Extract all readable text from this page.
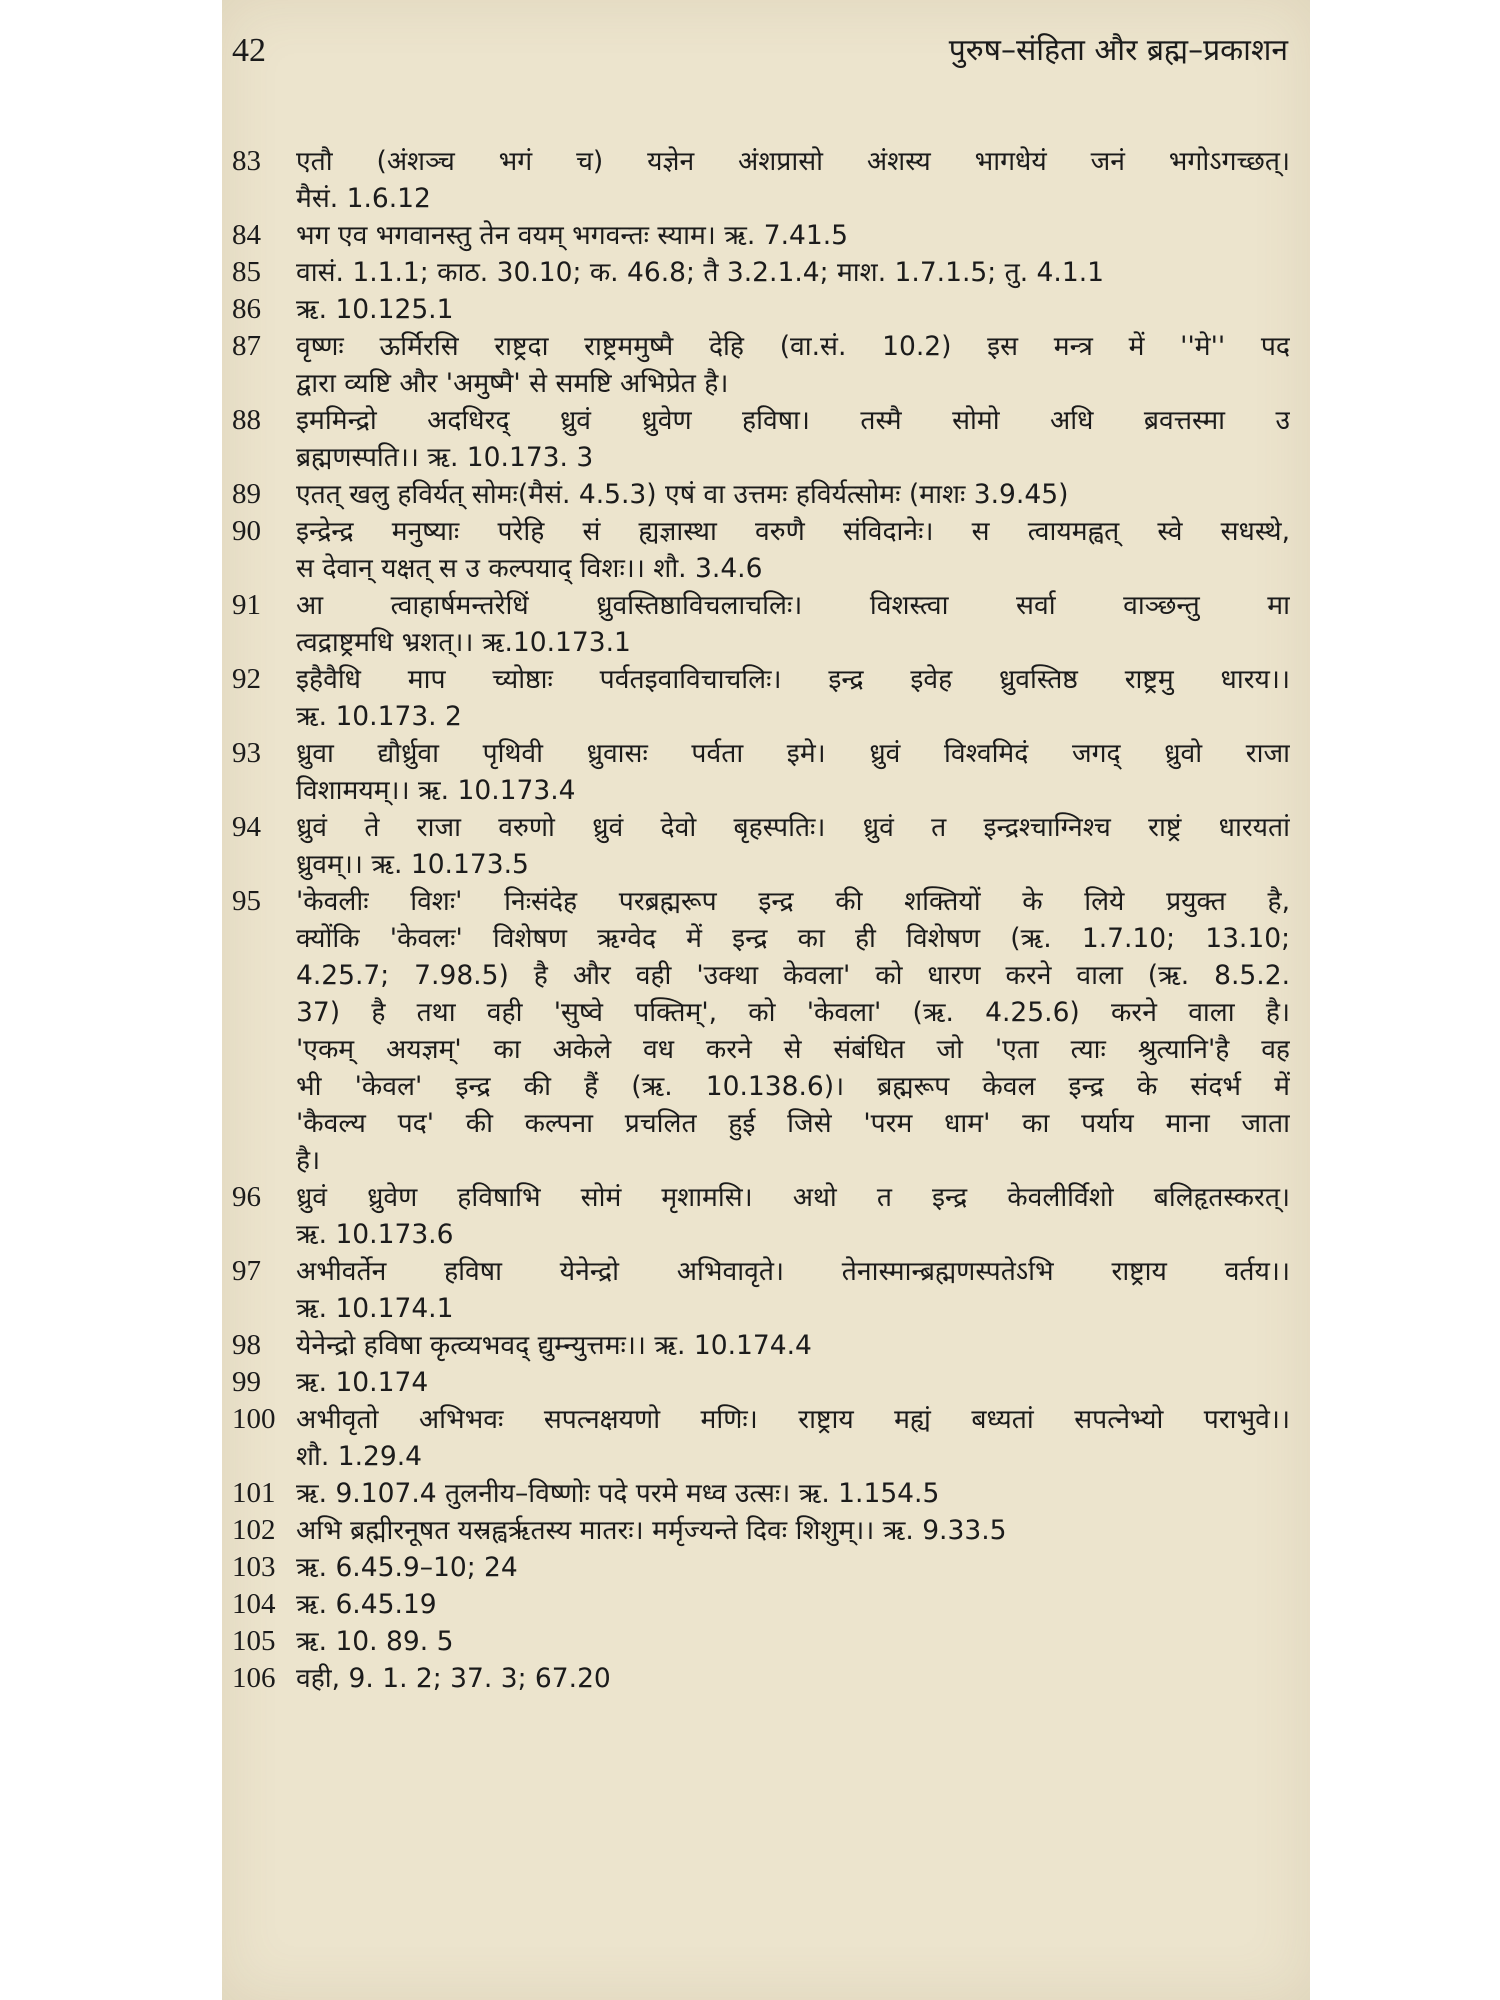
42	पुरुष–संहिता और ब्रह्म–प्रकाशन
83	एतौ (अंशञ्च भगं च) यज्ञेन अंशप्रासो अंशस्य भागधेयं जनं भगोऽगच्छत्।
मैसं. 1.6.12
84	भग एव भगवानस्तु तेन वयम् भगवन्तः स्याम। ऋ. 7.41.5
85	वासं. 1.1.1; काठ. 30.10; क. 46.8; तै 3.2.1.4; माश. 1.7.1.5; तु. 4.1.1
86	ऋ. 10.125.1
87	वृष्णः ऊर्मिरसि राष्ट्रदा राष्ट्रममुष्मै देहि (वा.सं. 10.2) इस मन्त्र में ''मे'' पद
द्वारा व्यष्टि और 'अमुष्मै' से समष्टि अभिप्रेत है।
88	इममिन्द्रो अदधिरद् ध्रुवं ध्रुवेण हविषा। तस्मै सोमो अधि ब्रवत्तस्मा उ
ब्रह्मणस्पति।। ऋ. 10.173. 3
89	एतत् खलु हविर्यत् सोमः(मैसं. 4.5.3) एषं वा उत्तमः हविर्यत्सोमः (माशः 3.9.45)
90	इन्द्रेन्द्र मनुष्याः परेहि सं ह्यज्ञास्था वरुणै संविदानेः। स त्वायमह्वत् स्वे सधस्थे,
स देवान् यक्षत् स उ कल्पयाद् विशः।। शौ. 3.4.6
91	आ त्वाहार्षमन्तरेधिं ध्रुवस्तिष्ठाविचलाचलिः। विशस्त्वा सर्वा वाञ्छन्तु मा
त्वद्राष्ट्रमधि भ्रशत्।। ऋ.10.173.1
92	इहैवैधि माप च्योष्ठाः पर्वतइवाविचाचलिः। इन्द्र इवेह ध्रुवस्तिष्ठ राष्ट्रमु धारय।।
ऋ. 10.173. 2
93	ध्रुवा द्यौर्ध्रुवा पृथिवी ध्रुवासः पर्वता इमे। ध्रुवं विश्वमिदं जगद् ध्रुवो राजा
विशामयम्।। ऋ. 10.173.4
94	ध्रुवं ते राजा वरुणो ध्रुवं देवो बृहस्पतिः। ध्रुवं त इन्द्रश्चाग्निश्च राष्ट्रं धारयतां
ध्रुवम्।। ऋ. 10.173.5
95	'केवलीः विशः' निःसंदेह परब्रह्मरूप इन्द्र की शक्तियों के लिये प्रयुक्त है,
क्योंकि 'केवलः' विशेषण ऋग्वेद में इन्द्र का ही विशेषण (ऋ. 1.7.10; 13.10;
4.25.7; 7.98.5) है और वही 'उक्था केवला' को धारण करने वाला (ऋ. 8.5.2.
37) है तथा वही 'सुष्वे पक्तिम्', को 'केवला' (ऋ. 4.25.6) करने वाला है।
'एकम् अयज्ञम्' का अकेले वध करने से संबंधित जो 'एता त्याः श्रुत्यानि'है वह
भी 'केवल' इन्द्र की हैं (ऋ. 10.138.6)। ब्रह्मरूप केवल इन्द्र के संदर्भ में
'कैवल्य पद' की कल्पना प्रचलित हुई जिसे 'परम धाम' का पर्याय माना जाता
है।
96	ध्रुवं ध्रुवेण हविषाभि सोमं मृशामसि। अथो त इन्द्र केवलीर्विशो बलिहृतस्करत्।
ऋ. 10.173.6
97	अभीवर्तेन हविषा येनेन्द्रो अभिवावृते। तेनास्मान्ब्रह्मणस्पतेऽभि राष्ट्राय वर्तय।।
ऋ. 10.174.1
98	येनेन्द्रो हविषा कृत्व्यभवद् द्युम्न्युत्तमः।। ऋ. 10.174.4
99	ऋ. 10.174
100 अभीवृतो अभिभवः सपत्नक्षयणो मणिः। राष्ट्राय मह्यं बध्यतां सपत्नेभ्यो पराभुवे।।
शौ. 1.29.4
101 ऋ. 9.107.4 तुलनीय–विष्णोः पदे परमे मध्व उत्सः। ऋ. 1.154.5
102 अभि ब्रह्मीरनूषत यस्रह्वर्ऋतस्य मातरः। मर्मृज्यन्ते दिवः शिशुम्।। ऋ. 9.33.5
103 ऋ. 6.45.9–10; 24
104 ऋ. 6.45.19
105 ऋ. 10. 89. 5
106 वही, 9. 1. 2; 37. 3; 67.20
